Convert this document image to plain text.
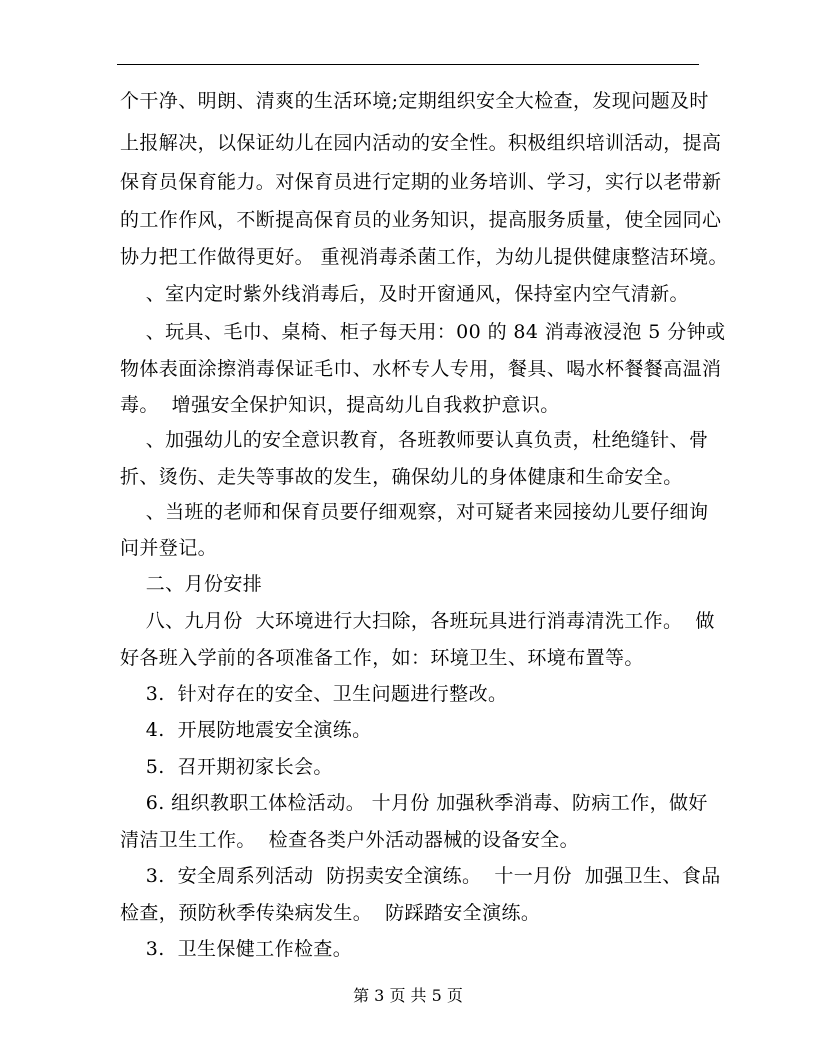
个干净、明朗、清爽的生活环境;定期组织安全大检查，发现问题及时
上报解决，以保证幼儿在园内活动的安全性。积极组织培训活动，提高
保育员保育能力。对保育员进行定期的业务培训、学习，实行以老带新
的工作作风，不断提高保育员的业务知识，提高服务质量，使全园同心
协力把工作做得更好。 重视消毒杀菌工作，为幼儿提供健康整洁环境。
、室内定时紫外线消毒后，及时开窗通风，保持室内空气清新。
、玩具、毛巾、桌椅、柜子每天用：00 的 84 消毒液浸泡 5 分钟或
物体表面涂擦消毒保证毛巾、水杯专人专用，餐具、喝水杯餐餐高温消
毒。  增强安全保护知识，提高幼儿自我救护意识。
、加强幼儿的安全意识教育，各班教师要认真负责，杜绝缝针、骨
折、烫伤、走失等事故的发生，确保幼儿的身体健康和生命安全。
、当班的老师和保育员要仔细观察，对可疑者来园接幼儿要仔细询
问并登记。
二、月份安排
八、九月份  大环境进行大扫除，各班玩具进行消毒清洗工作。  做
好各班入学前的各项准备工作，如：环境卫生、环境布置等。
3.  针对存在的安全、卫生问题进行整改。
4.  开展防地震安全演练。
5.  召开期初家长会。
6. 组织教职工体检活动。 十月份 加强秋季消毒、防病工作，做好
清洁卫生工作。  检查各类户外活动器械的设备安全。
3.  安全周系列活动  防拐卖安全演练。  十一月份  加强卫生、食品
检查，预防秋季传染病发生。  防踩踏安全演练。
3.  卫生保健工作检查。
第 3 页 共 5 页
